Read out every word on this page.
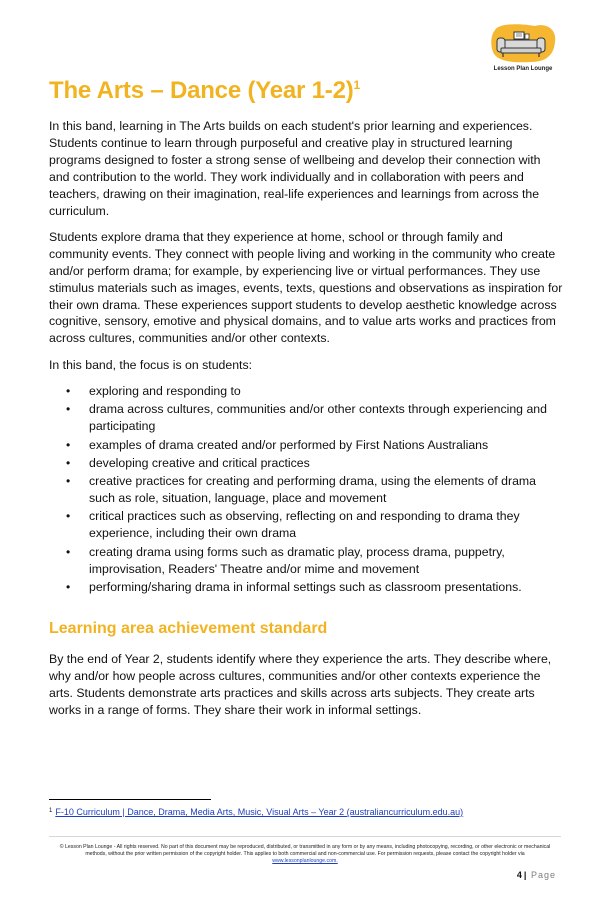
Lesson Plan Lounge
The Arts – Dance (Year 1-2)$^1$

In this band, learning in The Arts builds on each student's prior learning and experiences. Students continue to learn through purposeful and creative play in structured learning programs designed to foster a strong sense of wellbeing and develop their connection with and contribution to the world. They work individually and in collaboration with peers and teachers, drawing on their imagination, real-life experiences and learnings from across the curriculum.

Students explore drama that they experience at home, school or through family and community events. They connect with people living and working in the community who create and/or perform drama; for example, by experiencing live or virtual performances. They use stimulus materials such as images, events, texts, questions and observations as inspiration for their own drama. These experiences support students to develop aesthetic knowledge across cognitive, sensory, emotive and physical domains, and to value arts works and practices from across cultures, communities and/or other contexts.

In this band, the focus is on students:

• exploring and responding to
• drama across cultures, communities and/or other contexts through experiencing and participating
• examples of drama created and/or performed by First Nations Australians
• developing creative and critical practices
• creative practices for creating and performing drama, using the elements of drama such as role, situation, language, place and movement
• critical practices such as observing, reflecting on and responding to drama they experience, including their own drama
• creating drama using forms such as dramatic play, process drama, puppetry, improvisation, Readers' Theatre and/or mime and movement
• performing/sharing drama in informal settings such as classroom presentations.
Learning area achievement standard

By the end of Year 2, students identify where they experience the arts. They describe where, why and/or how people across cultures, communities and/or other contexts experience the arts. Students demonstrate arts practices and skills across arts subjects. They create arts works in a range of forms. They share their work in informal settings.

$^1$ F-10 Curriculum | Dance, Drama, Media Arts, Music, Visual Arts – Year 2 (australiancurriculum.edu.au)
© Lesson Plan Lounge - All rights reserved. No part of this document may be reproduced, distributed, or transmitted in any form or by any means, including photocopying, recording, or other electronic or mechanical methods, without the prior written permission of the copyright holder. This applies to both commercial and non-commercial use. For permission requests, please contact the copyright holder via
www.lessonplanlounge.com.
4 | Page
